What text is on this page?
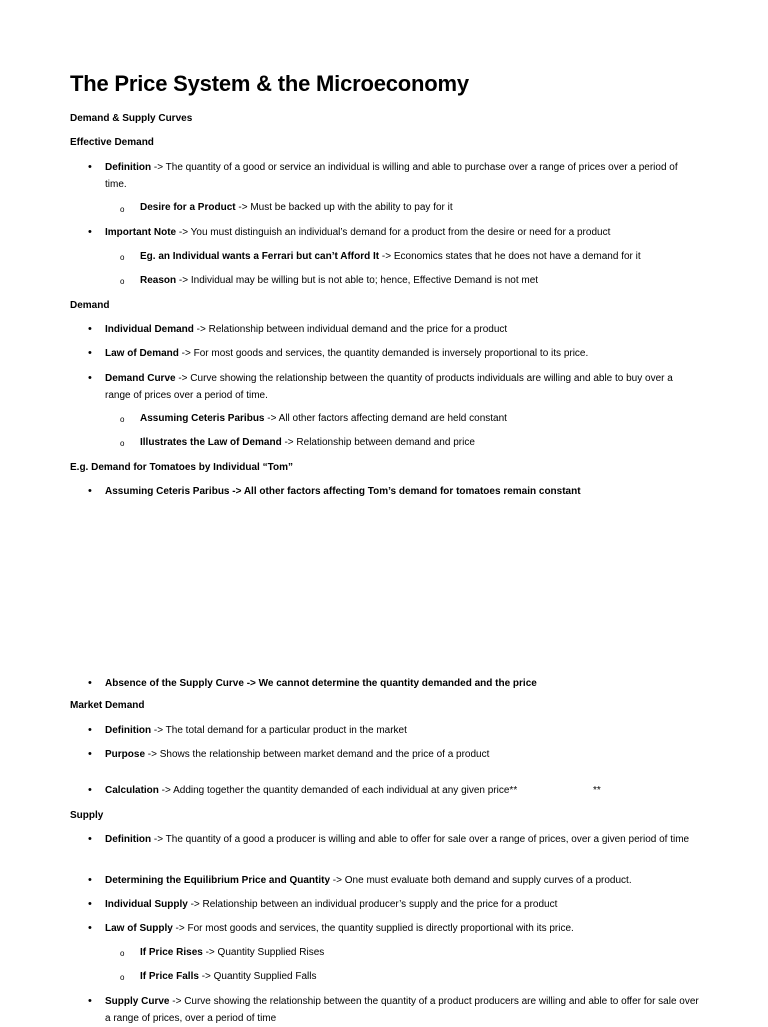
The Price System & the Microeconomy
Demand & Supply Curves
Effective Demand
•
Definition -> The quantity of a good or service an individual is willing and able to purchase over a range of prices over a period of time.
o
Desire for a Product -> Must be backed up with the ability to pay for it
•
Important Note -> You must distinguish an individual’s demand for a product from the desire or need for a product
o
Eg. an Individual wants a Ferrari but can’t Afford It -> Economics states that he does not have a demand for it
o
Reason -> Individual may be willing but is not able to; hence, Effective Demand is not met
Demand
•
Individual Demand -> Relationship between individual demand and the price for a product
•
Law of Demand -> For most goods and services, the quantity demanded is inversely proportional to its price.
•
Demand Curve -> Curve showing the relationship between the quantity of products individuals are willing and able to buy over a range of prices over a period of time.
o
Assuming Ceteris Paribus -> All other factors affecting demand are held constant
o
Illustrates the Law of Demand -> Relationship between demand and price
E.g. Demand for Tomatoes by Individual “Tom”
•
Assuming Ceteris Paribus -> All other factors affecting Tom’s demand for tomatoes remain constant
•
Absence of the Supply Curve -> We cannot determine the quantity demanded and the price
Market Demand
•
Definition -> The total demand for a particular product in the market
•
Purpose -> Shows the relationship between market demand and the price of a product
•
Calculation -> Adding together the quantity demanded of each individual at any given price**	**
Supply
•
Definition -> The quantity of a good a producer is willing and able to offer for sale over a range of prices, over a given period of time
•
Determining the Equilibrium Price and Quantity -> One must evaluate both demand and supply curves of a product.
•
Individual Supply -> Relationship between an individual producer’s supply and the price for a product
•
Law of Supply -> For most goods and services, the quantity supplied is directly proportional with its price.
o
If Price Rises -> Quantity Supplied Rises
o
If Price Falls -> Quantity Supplied Falls
•
Supply Curve -> Curve showing the relationship between the quantity of a product producers are willing and able to offer for sale over a range of prices, over a period of time
